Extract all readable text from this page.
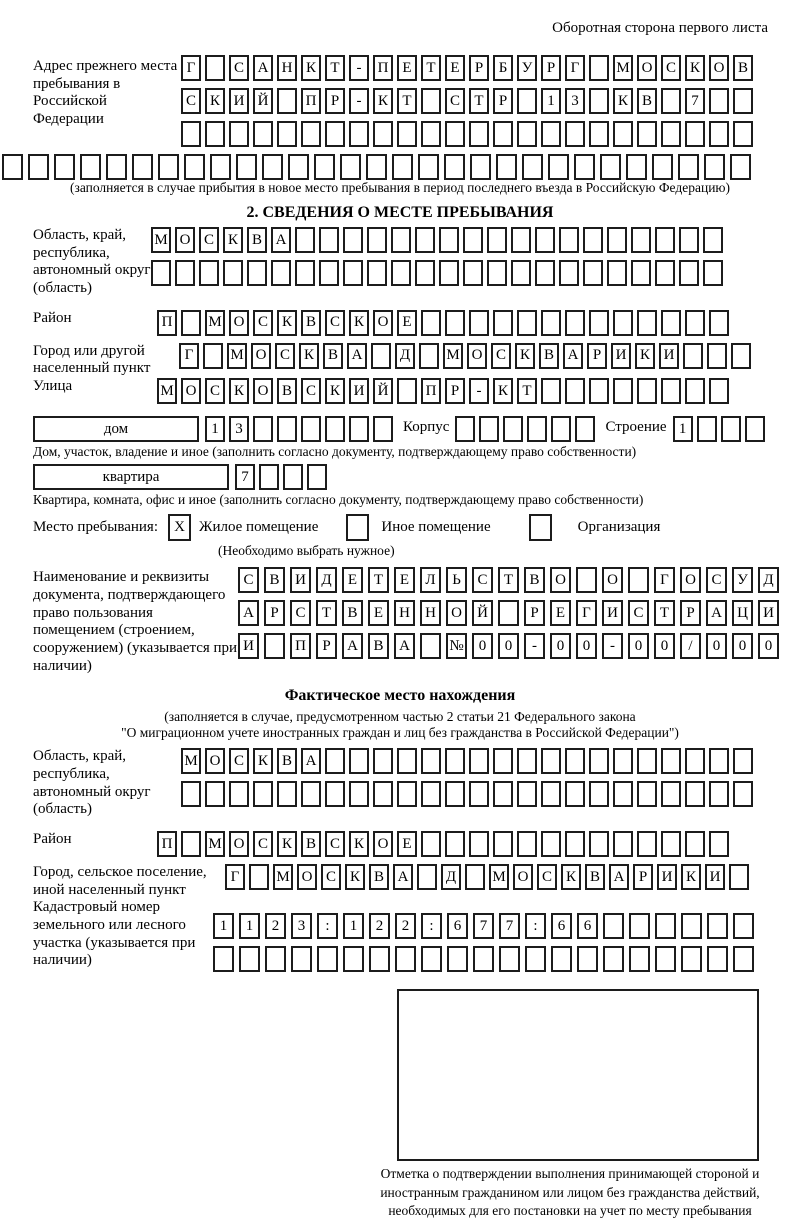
Оборотная сторона первого листа
Адрес прежнего места пребывания в Российской Федерации
Г	С А Н К Т	-	П Е Т Е	Р	Б У Р	Г	М О С К О В
С К И Й	П Р	-	К Т	С Т	Р	1	3	К В	7
(заполняется в случае прибытия в новое место пребывания в период последнего въезда в Российскую Федерацию)
2. СВЕДЕНИЯ О МЕСТЕ ПРЕБЫВАНИЯ
Область, край, республика, автономный округ (область)
М О С К В А
Район	П	М О С К В С К О Е
Город или другой населенный пункт
Г	М О С К В А	Д	М О С К В А Р И К И
Улица	М О С К О В С К И Й	П Р	-	К Т
дом	1	3	Корпус	Строение 1
Дом, участок, владение и иное (заполнить согласно документу, подтверждающему право собственности)
квартира	7
Квартира, комната, офис и иное (заполнить согласно документу, подтверждающему право собственности)
Место пребывания:	X Жилое помещение	Иное помещение	Организация
(Необходимо выбрать нужное)
Наименование и реквизиты документа, подтверждающего право пользования помещением (строением, сооружением) (указывается при наличии)
С	В	И	Д	Е	Т	Е	Л	Ь	С	Т	В	О	О	Г	О	С	У	Д
А	Р	С	Т	В	Е	Н	Н	О	Й	Р	Е	Г	И	С	Т	Р	А	Ц	И
И	П	Р	А	В	А	№	0	0	-	0	0	-	0	0	/	0	0	0
Фактическое место нахождения
(заполняется в случае, предусмотренном частью 2 статьи 21 Федерального закона
"О миграционном учете иностранных граждан и лиц без гражданства в Российской Федерации")
Область, край, республика, автономный округ (область)
М О С К В А
Район	П	М О С К В С К О Е
Город, сельское поселение, иной населенный пункт
Г	М О С К В А	Д	М О С К В А Р И К И
Кадастровый номер земельного или лесного участка (указывается при наличии)
1	1	2	3	:	1	2	2	:	6	7	7	:	6	6
Отметка о подтверждении выполнения принимающей стороной и иностранным гражданином или лицом без гражданства действий, необходимых для его постановки на учет по месту пребывания
